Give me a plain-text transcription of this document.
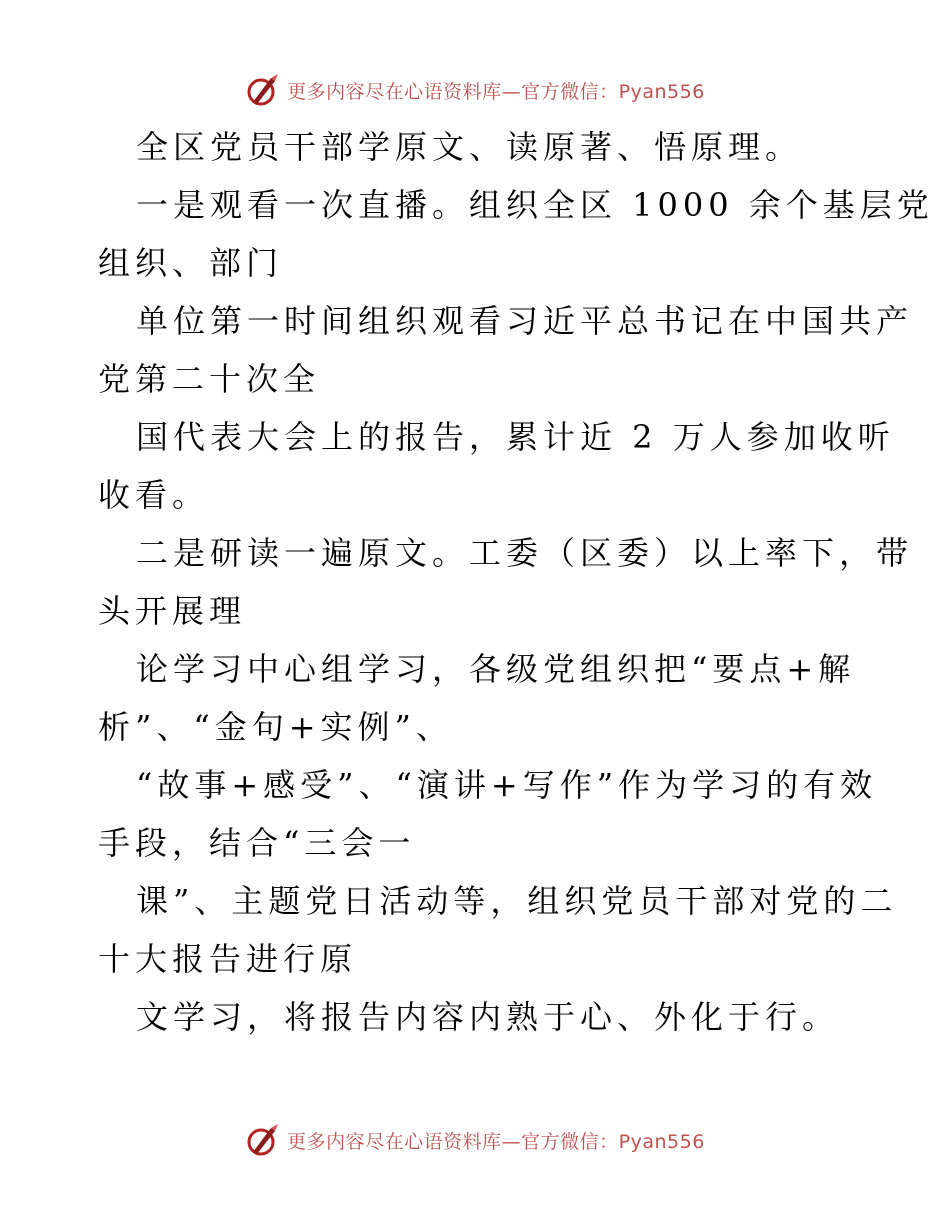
更多内容尽在心语资料库—官方微信：Pyan556
全区党员干部学原文、读原著、悟原理。
一是观看一次直播。组织全区 1000 余个基层党
组织、部门
单位第一时间组织观看习近平总书记在中国共产
党第二十次全
国代表大会上的报告，累计近 2 万人参加收听
收看。
二是研读一遍原文。工委（区委）以上率下，带
头开展理
论学习中心组学习，各级党组织把“要点+解
析”、“金句+实例”、
“故事+感受”、“演讲+写作”作为学习的有效
手段，结合“三会一
课”、主题党日活动等，组织党员干部对党的二
十大报告进行原
文学习，将报告内容内熟于心、外化于行。
更多内容尽在心语资料库—官方微信：Pyan556
